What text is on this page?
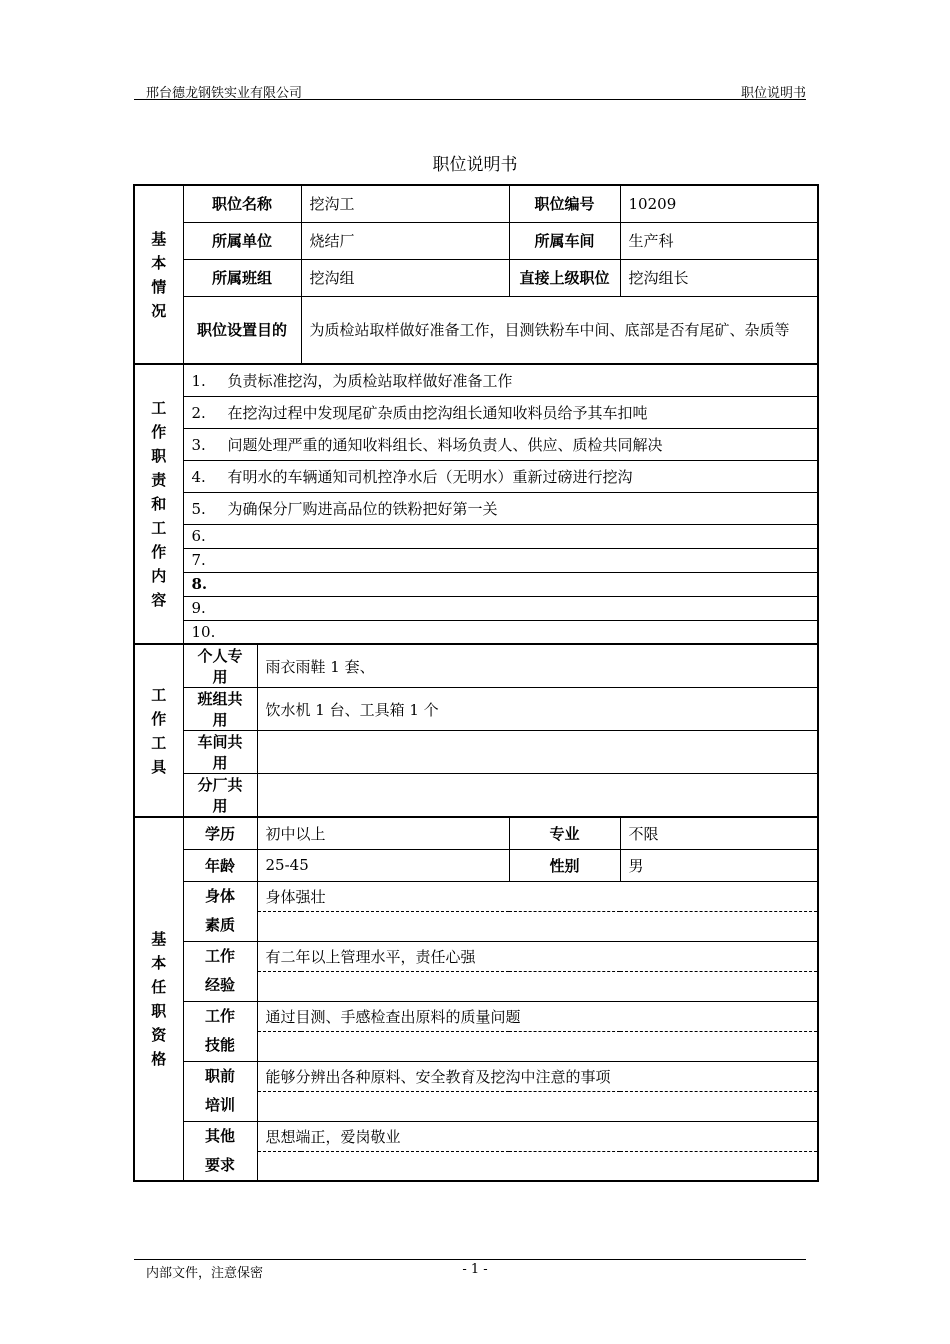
邢台德龙钢铁实业有限公司	职位说明书
职位说明书
基本情况	职位名称		挖沟工	职位编号	10209
	所属单位		烧结厂	所属车间	生产科
	所属班组		挖沟组	直接上级职位	挖沟组长
	职位设置目的		为质检站取样做好准备工作，目测铁粉车中间、底部是否有尾矿、杂质等		
工作职责和工作内容	1. 负责标准挖沟，为质检站取样做好准备工作				
	2. 在挖沟过程中发现尾矿杂质由挖沟组长通知收料员给予其车扣吨				
	3. 问题处理严重的通知收料组长、料场负责人、供应、质检共同解决				
	4. 有明水的车辆通知司机控净水后（无明水）重新过磅进行挖沟				
	5. 为确保分厂购进高品位的铁粉把好第一关				
	6.				
	7.				
	8.				
	9.				
	10.				
工作工具	个人专用	雨衣雨鞋 1 套、			
	班组共用	饮水机 1 台、工具箱 1 个			
	车间共用				
	分厂共用				
基本任职资格	学历	初中以上		专业	不限
	年龄	25-45		性别	男
	身体
素质	身体强壮			

	工作
经验	有二年以上管理水平，责任心强			

	工作
技能	通过目测、手感检查出原料的质量问题			

	职前
培训	能够分辨出各种原料、安全教育及挖沟中注意的事项			

	其他
要求	思想端正，爱岗敬业			

内部文件，注意保密	- 1 -
